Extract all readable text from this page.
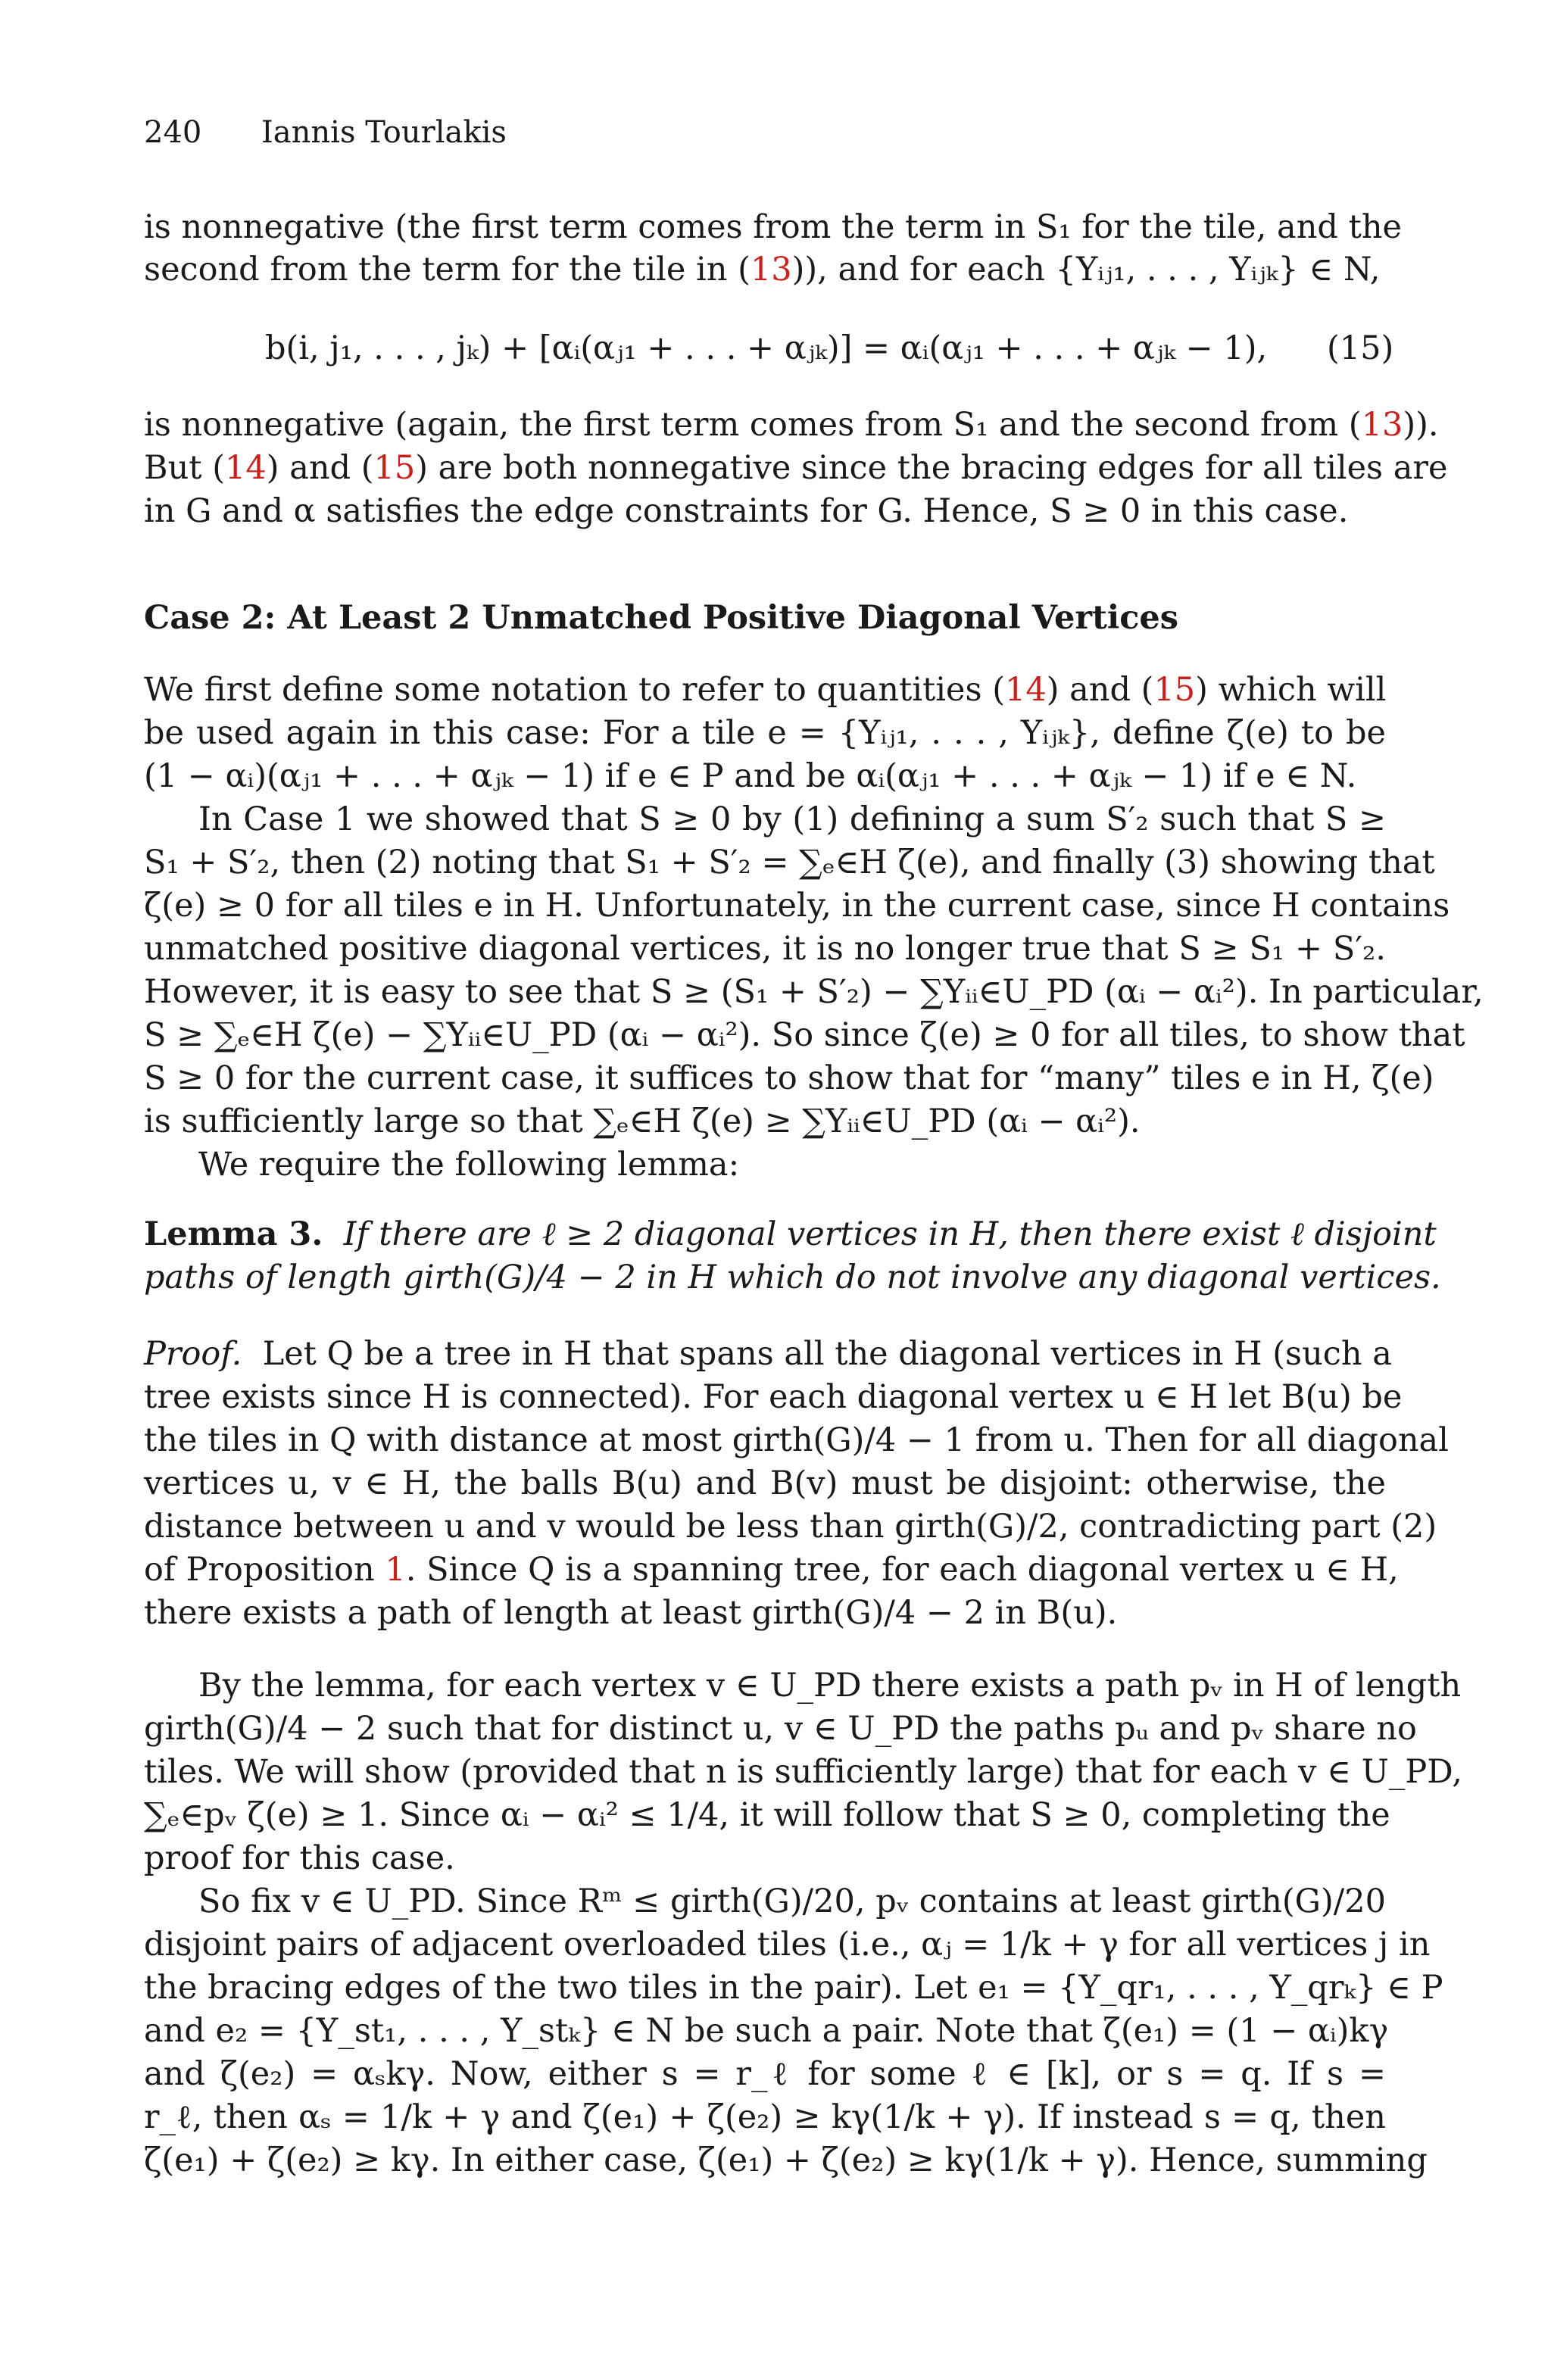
240 Iannis Tourlakis
is nonnegative (the first term comes from the term in S₁ for the tile, and the
second from the term for the tile in (13)), and for each {Yᵢⱼ₁, . . . , Yᵢⱼₖ} ∈ N,
b(i, j₁, . . . , jₖ) + [αᵢ(αⱼ₁ + . . . + αⱼₖ)] = αᵢ(αⱼ₁ + . . . + αⱼₖ − 1), (15)
is nonnegative (again, the first term comes from S₁ and the second from (13)).
But (14) and (15) are both nonnegative since the bracing edges for all tiles are
in G and α satisfies the edge constraints for G. Hence, S ≥ 0 in this case.
Case 2: At Least 2 Unmatched Positive Diagonal Vertices
We first define some notation to refer to quantities (14) and (15) which will
be used again in this case: For a tile e = {Yᵢⱼ₁, . . . , Yᵢⱼₖ}, define ζ(e) to be
(1 − αᵢ)(αⱼ₁ + . . . + αⱼₖ − 1) if e ∈ P and be αᵢ(αⱼ₁ + . . . + αⱼₖ − 1) if e ∈ N.
In Case 1 we showed that S ≥ 0 by (1) defining a sum S′₂ such that S ≥
S₁ + S′₂, then (2) noting that S₁ + S′₂ = ∑ₑ∈H ζ(e), and finally (3) showing that
ζ(e) ≥ 0 for all tiles e in H. Unfortunately, in the current case, since H contains
unmatched positive diagonal vertices, it is no longer true that S ≥ S₁ + S′₂.
However, it is easy to see that S ≥ (S₁ + S′₂) − ∑Yᵢᵢ∈U_PD (αᵢ − αᵢ²). In particular,
S ≥ ∑ₑ∈H ζ(e) − ∑Yᵢᵢ∈U_PD (αᵢ − αᵢ²). So since ζ(e) ≥ 0 for all tiles, to show that
S ≥ 0 for the current case, it suffices to show that for “many” tiles e in H, ζ(e)
is sufficiently large so that ∑ₑ∈H ζ(e) ≥ ∑Yᵢᵢ∈U_PD (αᵢ − αᵢ²).
We require the following lemma:
Lemma 3. If there are ℓ ≥ 2 diagonal vertices in H, then there exist ℓ disjoint
paths of length girth(G)/4 − 2 in H which do not involve any diagonal vertices.
Proof. Let Q be a tree in H that spans all the diagonal vertices in H (such a
tree exists since H is connected). For each diagonal vertex u ∈ H let B(u) be
the tiles in Q with distance at most girth(G)/4 − 1 from u. Then for all diagonal
vertices u, v ∈ H, the balls B(u) and B(v) must be disjoint: otherwise, the
distance between u and v would be less than girth(G)/2, contradicting part (2)
of Proposition 1. Since Q is a spanning tree, for each diagonal vertex u ∈ H,
there exists a path of length at least girth(G)/4 − 2 in B(u).
By the lemma, for each vertex v ∈ U_PD there exists a path pᵥ in H of length
girth(G)/4 − 2 such that for distinct u, v ∈ U_PD the paths pᵤ and pᵥ share no
tiles. We will show (provided that n is sufficiently large) that for each v ∈ U_PD,
∑ₑ∈pᵥ ζ(e) ≥ 1. Since αᵢ − αᵢ² ≤ 1/4, it will follow that S ≥ 0, completing the
proof for this case.
So fix v ∈ U_PD. Since Rᵐ ≤ girth(G)/20, pᵥ contains at least girth(G)/20
disjoint pairs of adjacent overloaded tiles (i.e., αⱼ = 1/k + γ for all vertices j in
the bracing edges of the two tiles in the pair). Let e₁ = {Y_qr₁, . . . , Y_qrₖ} ∈ P
and e₂ = {Y_st₁, . . . , Y_stₖ} ∈ N be such a pair. Note that ζ(e₁) = (1 − αᵢ)kγ
and ζ(e₂) = αₛkγ. Now, either s = r_ℓ for some ℓ ∈ [k], or s = q. If s =
r_ℓ, then αₛ = 1/k + γ and ζ(e₁) + ζ(e₂) ≥ kγ(1/k + γ). If instead s = q, then
ζ(e₁) + ζ(e₂) ≥ kγ. In either case, ζ(e₁) + ζ(e₂) ≥ kγ(1/k + γ). Hence, summing
